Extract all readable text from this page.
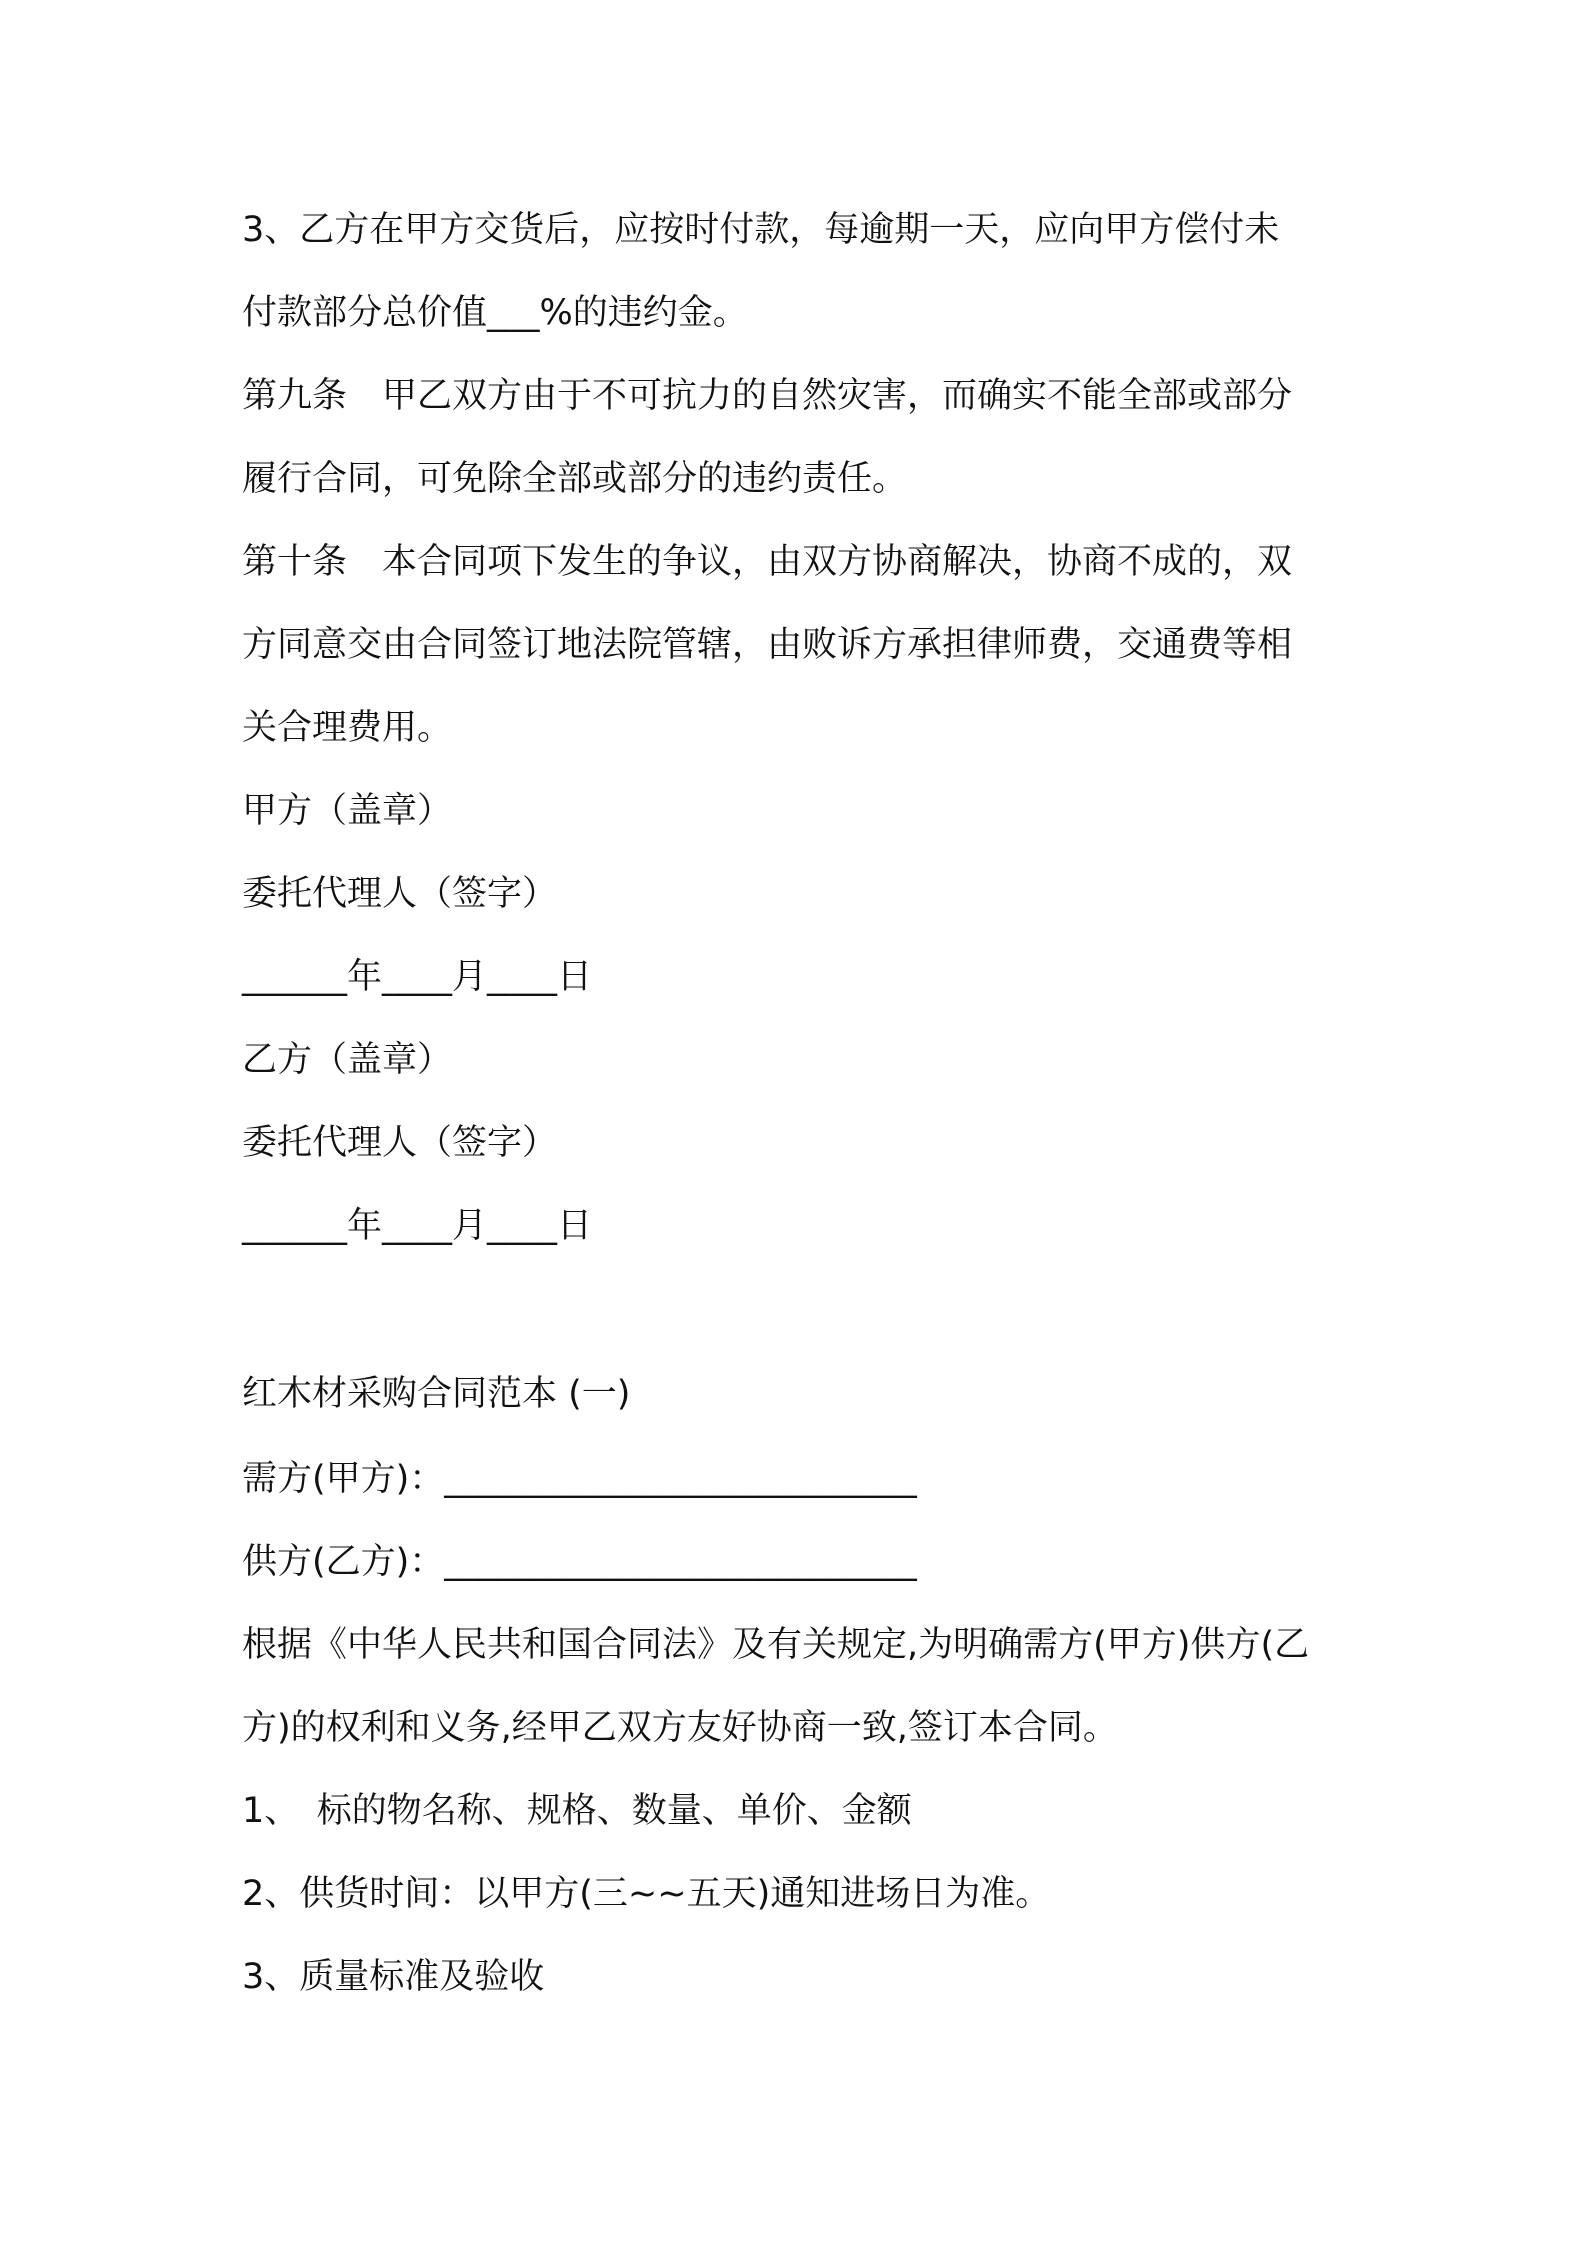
3、乙方在甲方交货后，应按时付款，每逾期一天，应向甲方偿付未
付款部分总价值___%的违约金。
第九条　甲乙双方由于不可抗力的自然灾害，而确实不能全部或部分
履行合同，可免除全部或部分的违约责任。
第十条　本合同项下发生的争议，由双方协商解决，协商不成的，双
方同意交由合同签订地法院管辖，由败诉方承担律师费，交通费等相
关合理费用。
甲方（盖章）
委托代理人（签字）
______年____月____日
乙方（盖章）
委托代理人（签字）
______年____月____日
红木材采购合同范本 (一)
需方(甲方)：___________________________
供方(乙方)：___________________________
根据《中华人民共和国合同法》及有关规定,为明确需方(甲方)供方(乙
方)的权利和义务,经甲乙双方友好协商一致,签订本合同。
1、　标的物名称、规格、数量、单价、金额
2、供货时间：以甲方(三~~五天)通知进场日为准。
3、质量标准及验收
